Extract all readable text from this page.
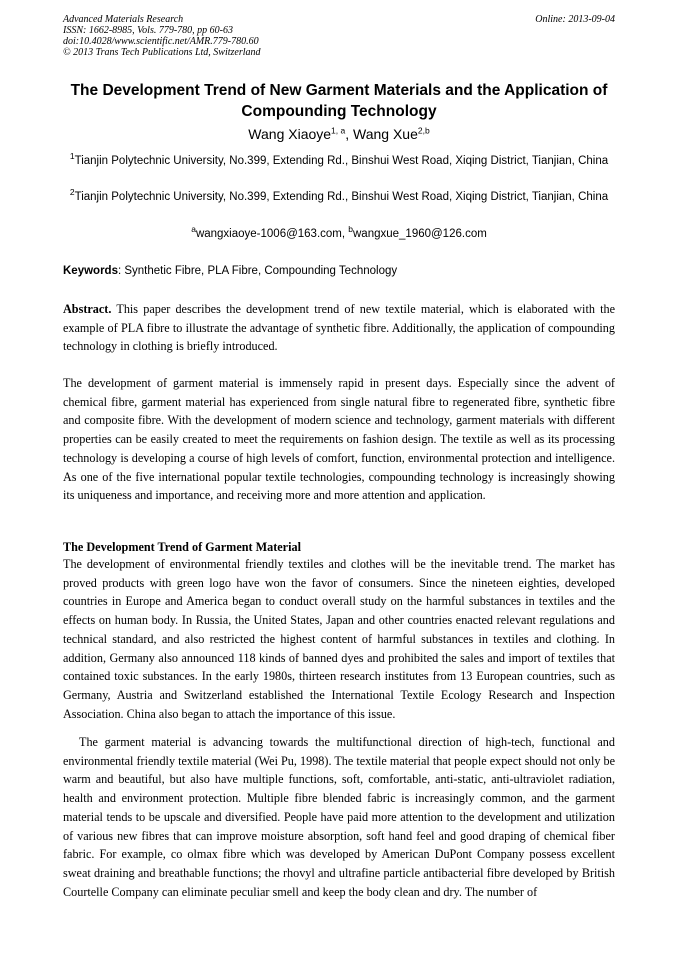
Advanced Materials Research
ISSN: 1662-8985, Vols. 779-780, pp 60-63
doi:10.4028/www.scientific.net/AMR.779-780.60
© 2013 Trans Tech Publications Ltd, Switzerland
Online: 2013-09-04
The Development Trend of New Garment Materials and the Application of Compounding Technology
Wang Xiaoye$^{1, a}$, Wang Xue$^{2,b}$
$^1$Tianjin Polytechnic University, No.399, Extending Rd., Binshui West Road, Xiqing District, Tianjian, China
$^2$Tianjin Polytechnic University, No.399, Extending Rd., Binshui West Road, Xiqing District, Tianjian, China
$^a$wangxiaoye-1006@163.com, $^b$wangxue_1960@126.com
Keywords: Synthetic Fibre, PLA Fibre, Compounding Technology

Abstract. This paper describes the development trend of new textile material, which is elaborated with the example of PLA fibre to illustrate the advantage of synthetic fibre. Additionally, the application of compounding technology in clothing is briefly introduced.

The development of garment material is immensely rapid in present days. Especially since the advent of chemical fibre, garment material has experienced from single natural fibre to regenerated fibre, synthetic fibre and composite fibre. With the development of modern science and technology, garment materials with different properties can be easily created to meet the requirements on fashion design. The textile as well as its processing technology is developing a course of high levels of comfort, function, environmental protection and intelligence. As one of the five international popular textile technologies, compounding technology is increasingly showing its uniqueness and importance, and receiving more and more attention and application.

The Development Trend of Garment Material

The development of environmental friendly textiles and clothes will be the inevitable trend. The market has proved products with green logo have won the favor of consumers. Since the nineteen eighties, developed countries in Europe and America began to conduct overall study on the harmful substances in textiles and the effects on human body. In Russia, the United States, Japan and other countries enacted relevant regulations and technical standard, and also restricted the highest content of harmful substances in textiles and clothing. In addition, Germany also announced 118 kinds of banned dyes and prohibited the sales and import of textiles that contained toxic substances. In the early 1980s, thirteen research institutes from 13 European countries, such as Germany, Austria and Switzerland established the International Textile Ecology Research and Inspection Association. China also began to attach the importance of this issue.

The garment material is advancing towards the multifunctional direction of high-tech, functional and environmental friendly textile material (Wei Pu, 1998). The textile material that people expect should not only be warm and beautiful, but also have multiple functions, soft, comfortable, anti-static, anti-ultraviolet radiation, health and environment protection. Multiple fibre blended fabric is increasingly common, and the garment material tends to be upscale and diversified. People have paid more attention to the development and utilization of various new fibres that can improve moisture absorption, soft hand feel and good draping of chemical fiber fabric. For example, co olmax fibre which was developed by American DuPont Company possess excellent sweat draining and breathable functions; the rhovyl and ultrafine particle antibacterial fibre developed by British Courtelle Company can eliminate peculiar smell and keep the body clean and dry. The number of
